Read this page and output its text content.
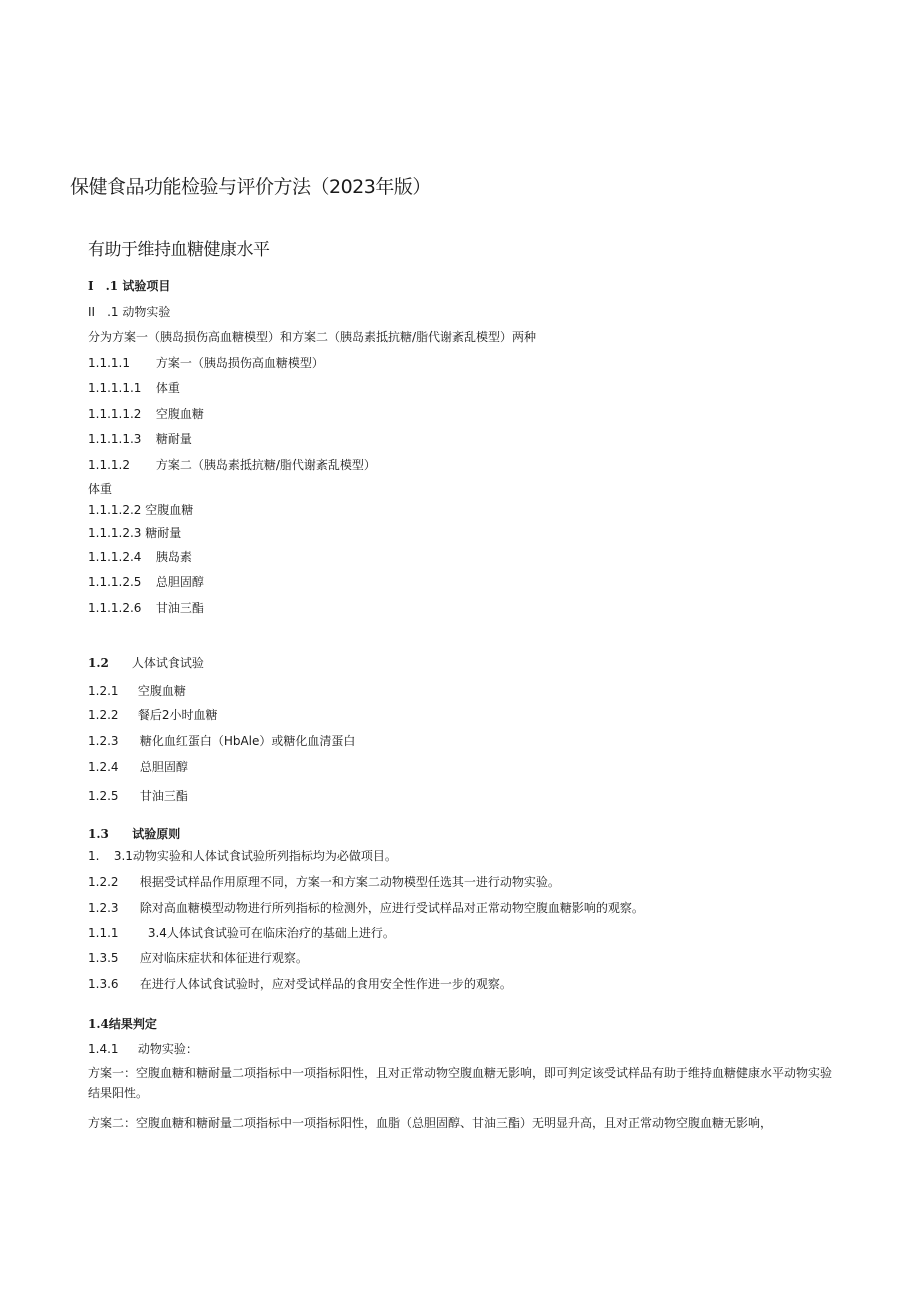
保健食品功能检验与评价方法（2023年版）
有助于维持血糖健康水平
I　.1 试验项目
II　.1 动物实验
分为方案一（胰岛损伤高血糖模型）和方案二（胰岛素抵抗糖/脂代谢紊乱模型）两种
1.1.1.1 方案一（胰岛损伤高血糖模型）
1.1.1.1.1 体重
1.1.1.1.2 空腹血糖
1.1.1.1.3 糖耐量
1.1.1.2 方案二（胰岛素抵抗糖/脂代谢紊乱模型）
体重
1.1.1.2.2 空腹血糖
1.1.1.2.3 糖耐量
1.1.1.2.4 胰岛素
1.1.1.2.5 总胆固醇
1.1.1.2.6 甘油三酯
1.2 人体试食试验
1.2.1 空腹血糖
1.2.2 餐后2小时血糖
1.2.3 糖化血红蛋白（HbAle）或糖化血清蛋白
1.2.4 总胆固醇
1.2.5 甘油三酯
1.3 试验原则
1. 3.1动物实验和人体试食试验所列指标均为必做项目。
1.2.2 根据受试样品作用原理不同，方案一和方案二动物模型任选其一进行动物实验。
1.2.3 除对高血糖模型动物进行所列指标的检测外，应进行受试样品对正常动物空腹血糖影响的观察。
1.1.1 3.4人体试食试验可在临床治疗的基础上进行。
1.3.5 应对临床症状和体征进行观察。
1.3.6 在进行人体试食试验时，应对受试样品的食用安全性作进一步的观察。
1.4结果判定
1.4.1 动物实验：
方案一：空腹血糖和糖耐量二项指标中一项指标阳性，且对正常动物空腹血糖无影响，即可判定该受试样品有助于维持血糖健康水平动物实验结果阳性。
方案二：空腹血糖和糖耐量二项指标中一项指标阳性，血脂（总胆固醇、甘油三酯）无明显升高，且对正常动物空腹血糖无影响，
